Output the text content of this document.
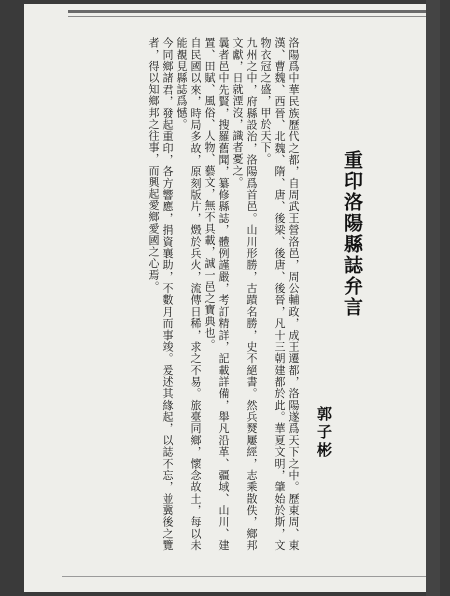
重印洛陽縣誌弁言
郭子彬

洛陽爲中華民族歷代之都，自周武王營洛邑，周公輔政，成王遷都，洛陽遂爲天下之中。歷東周、東漢、曹魏、西晉、北魏、隋、唐、後梁、後唐、後晉，凡十三朝建都於此。華夏文明，肇始於斯，文物衣冠之盛，甲於天下。

九州之中，府縣設治，洛陽爲首邑。山川形勝，古蹟名勝，史不絕書。然兵燹屢經，志乘散佚，鄉邦文獻，日就湮沒，識者憂之。

曩者邑中先賢，搜羅舊聞，纂修縣誌，體例謹嚴，考訂精詳，記載詳備，舉凡沿革、疆域、山川、建置、田賦、風俗、人物、藝文，無不具載，誠一邑之寶典也。

自民國以來，時局多故，原刻版片，燬於兵火，流傳日稀，求之不易。旅臺同鄉，懷念故土，每以未能覩見縣誌爲憾。

今同鄉諸君，發起重印，各方響應，捐資襄助，不數月而事竣。爰述其緣起，以誌不忘，並冀後之覽者，得以知鄉邦之往事，而興起愛鄉愛國之心焉。
